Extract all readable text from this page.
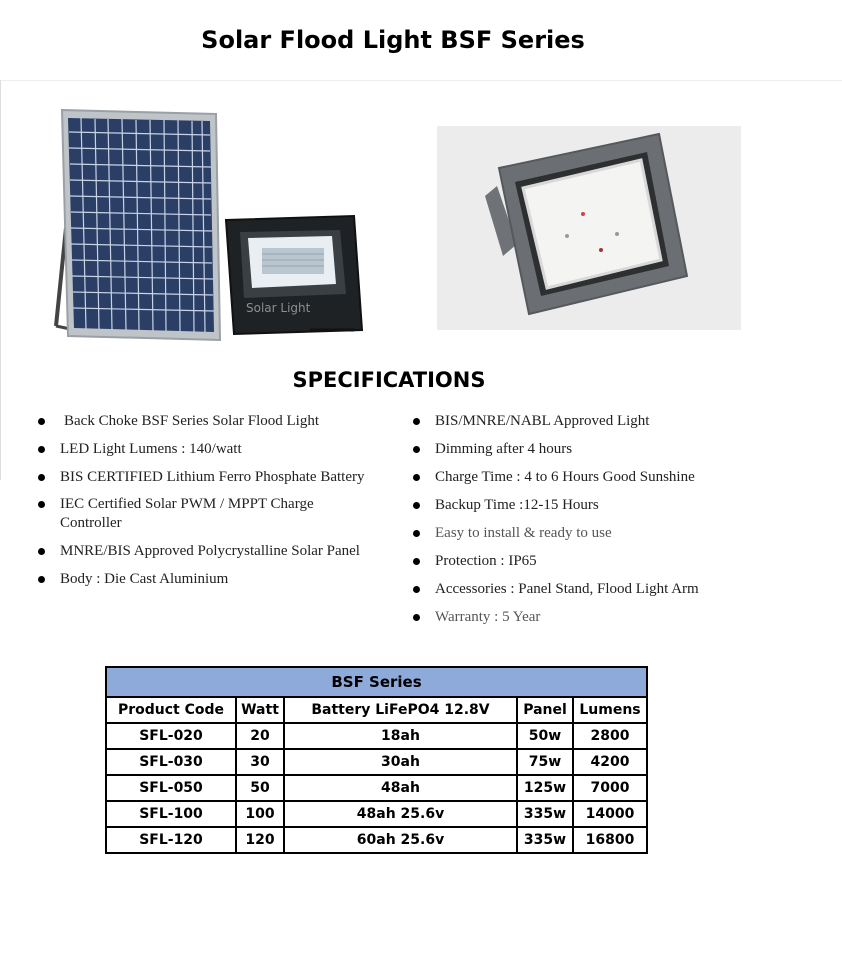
Solar Flood Light BSF Series
Solar Light
SPECIFICATIONS
Back Choke BSF Series Solar Flood Light
LED Light Lumens : 140/watt
BIS CERTIFIED Lithium Ferro Phosphate Battery
IEC Certified Solar PWM / MPPT Charge Controller
MNRE/BIS Approved Polycrystalline Solar Panel
Body : Die Cast Aluminium
BIS/MNRE/NABL Approved Light
Dimming after 4 hours
Charge Time : 4 to 6 Hours Good Sunshine
Backup Time :12-15 Hours
Easy to install & ready to use
Protection : IP65
Accessories : Panel Stand, Flood Light Arm
Warranty : 5 Year
BSF Series				
Product Code	Watt	Battery LiFePO4 12.8V	Panel	Lumens
SFL-020	20	18ah	50w	2800
SFL-030	30	30ah	75w	4200
SFL-050	50	48ah	125w	7000
SFL-100	100	48ah 25.6v	335w	14000
SFL-120	120	60ah 25.6v	335w	16800
